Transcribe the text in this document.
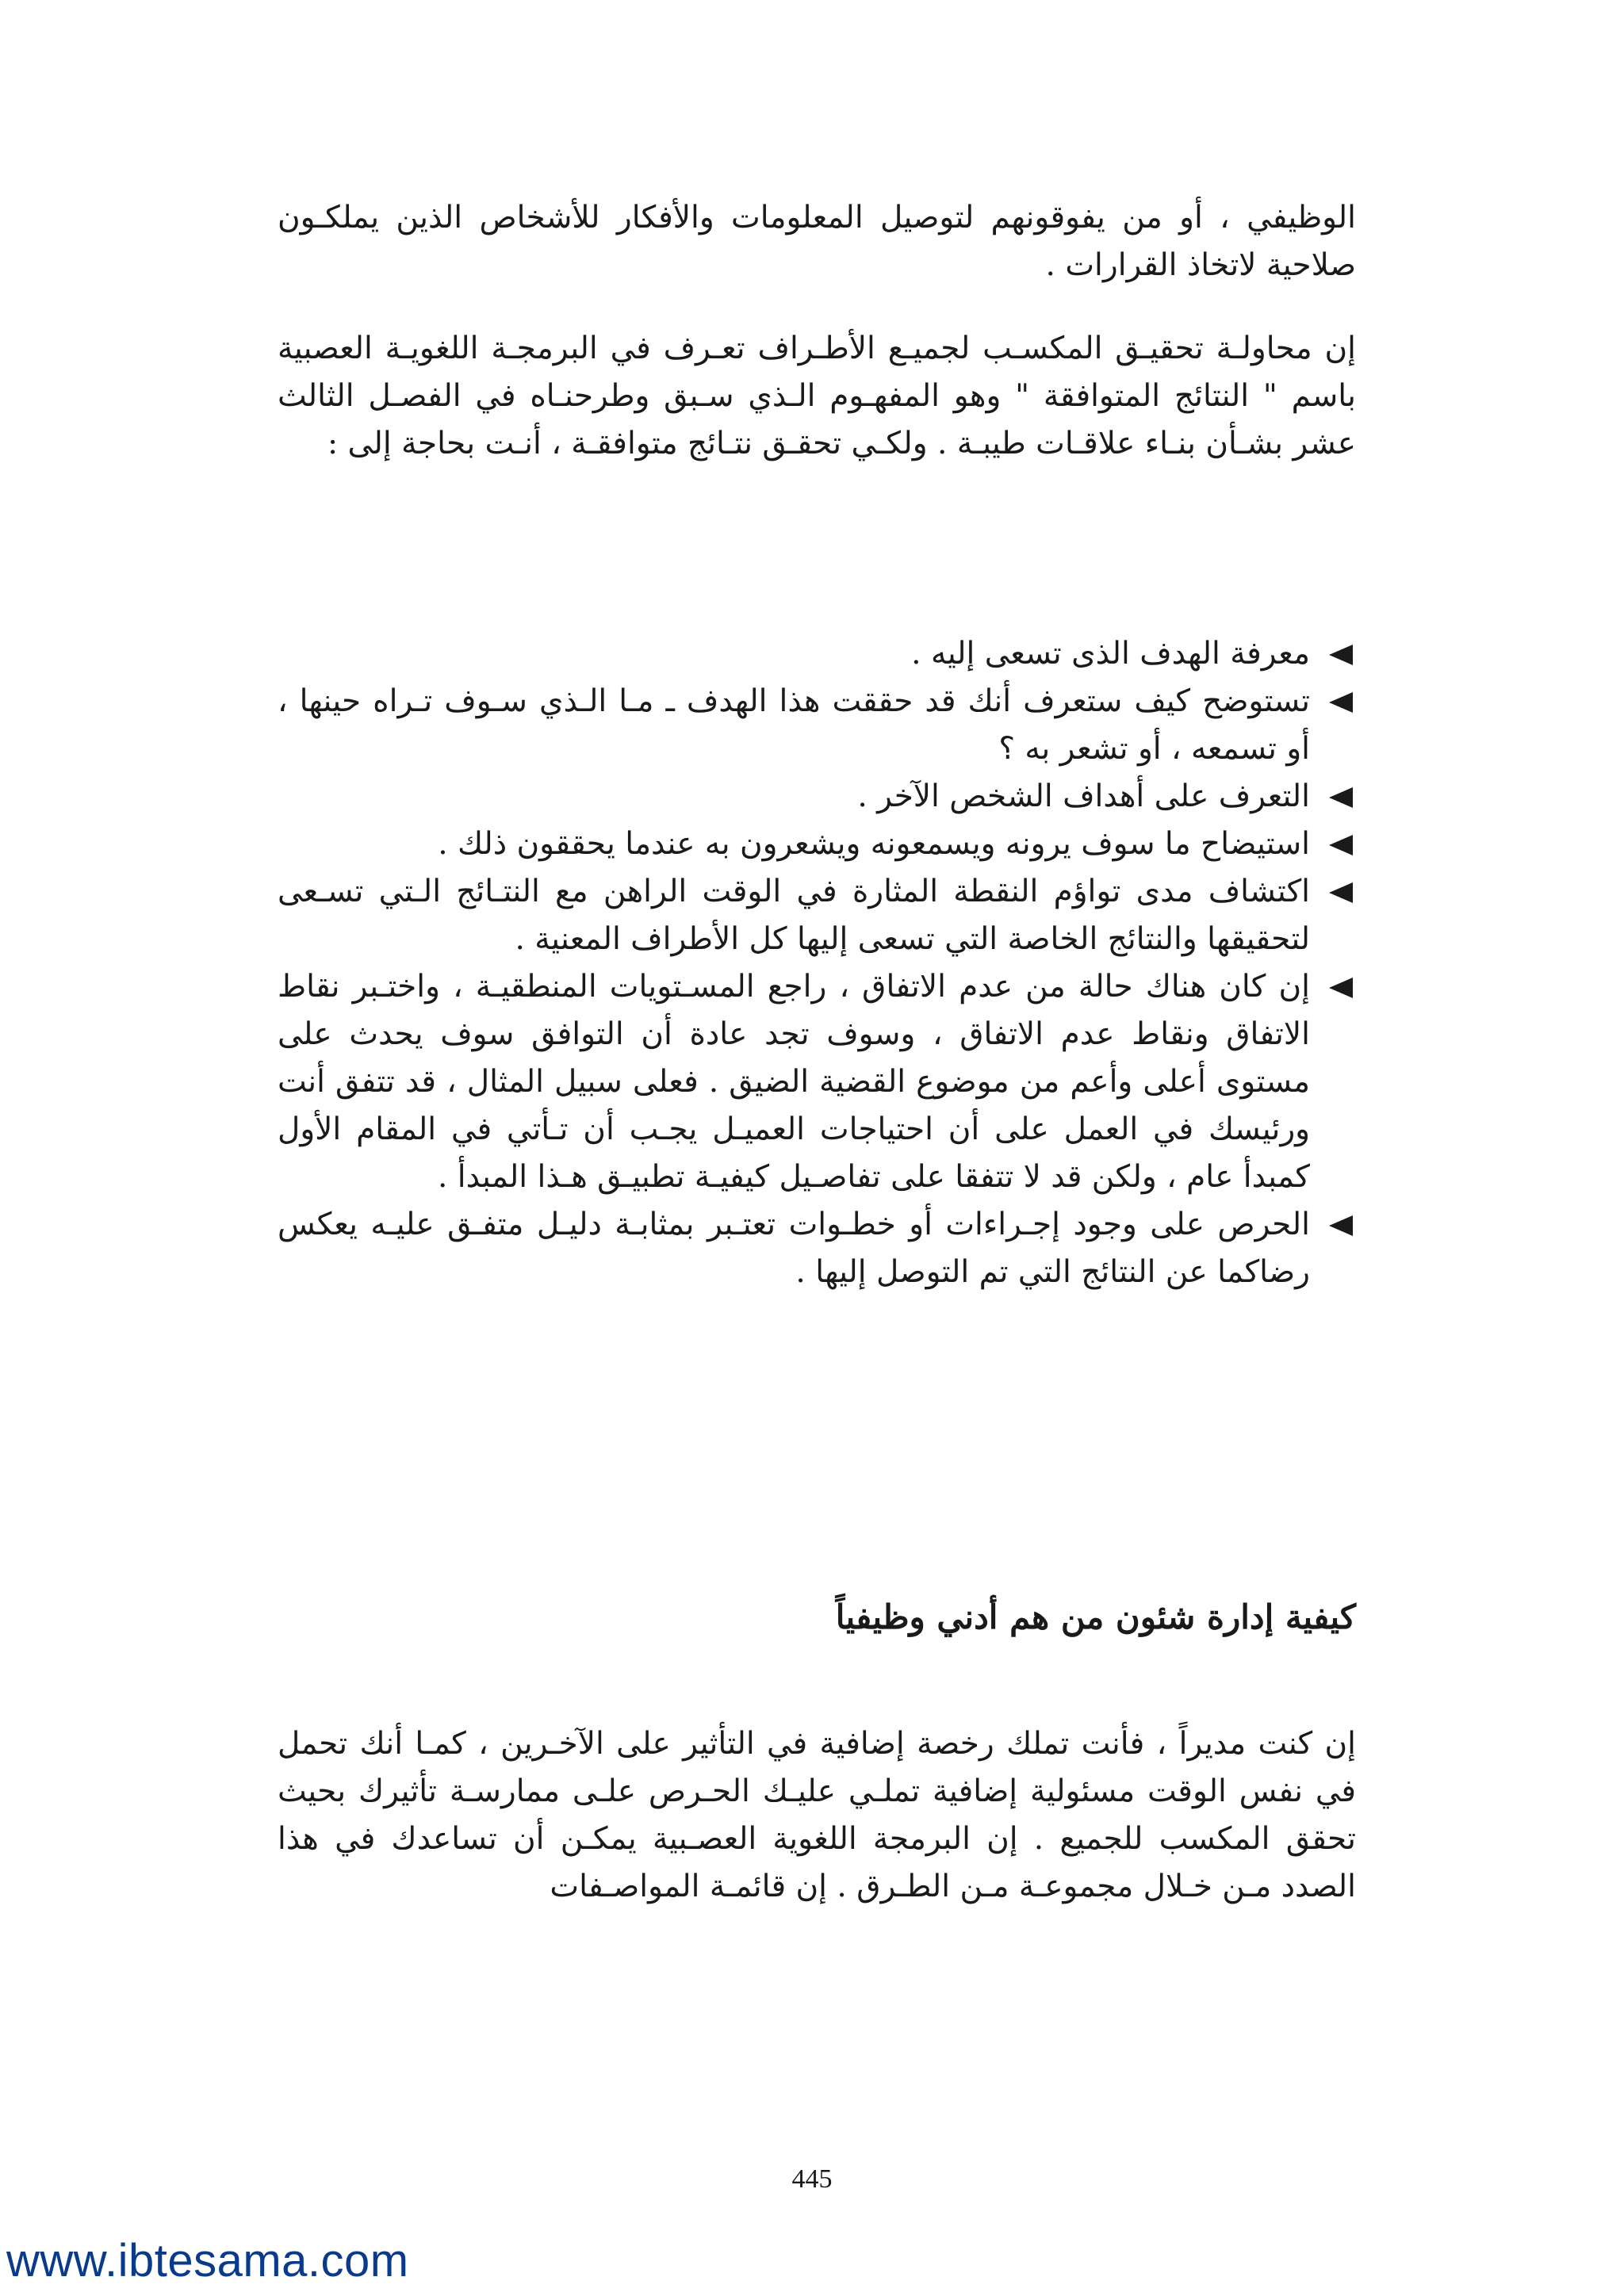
الوظيفي ، أو من يفوقونهم لتوصيل المعلومات والأفكار للأشخاص الذين يملكـون صلاحية لاتخاذ القرارات .

إن محاولـة تحقيـق المكسـب لجميـع الأطـراف تعـرف في البرمجـة اللغويـة العصبية باسم " النتائج المتوافقة " وهو المفهـوم الـذي سـبق وطرحنـاه في الفصـل الثالث عشر بشـأن بنـاء علاقـات طيبـة . ولكـي تحقـق نتـائج متوافقـة ، أنـت بحاجة إلى :

معرفة الهدف الذى تسعى إليه .
تستوضح كيف ستعرف أنك قد حققت هذا الهدف ـ مـا الـذي سـوف تـراه حينها ، أو تسمعه ، أو تشعر به ؟
التعرف على أهداف الشخص الآخر .
استيضاح ما سوف يرونه ويسمعونه ويشعرون به عندما يحققون ذلك .
اكتشاف مدى تواؤم النقطة المثارة في الوقت الراهن مع النتـائج الـتي تسـعى لتحقيقها والنتائج الخاصة التي تسعى إليها كل الأطراف المعنية .
إن كان هناك حالة من عدم الاتفاق ، راجع المسـتويات المنطقيـة ، واختـبر نقاط الاتفاق ونقاط عدم الاتفاق ، وسوف تجد عادة أن التوافق سوف يحدث على مستوى أعلى وأعم من موضوع القضية الضيق . فعلى سبيل المثال ، قد تتفق أنت ورئيسك في العمل على أن احتياجات العميـل يجـب أن تـأتي في المقام الأول كمبدأ عام ، ولكن قد لا تتفقا على تفاصـيل كيفيـة تطبيـق هـذا المبدأ .
الحرص على وجود إجـراءات أو خطـوات تعتـبر بمثابـة دليـل متفـق عليـه يعكس رضاكما عن النتائج التي تم التوصل إليها .
كيفية إدارة شئون من هم أدني وظيفياً

إن كنت مديراً ، فأنت تملك رخصة إضافية في التأثير على الآخـرين ، كمـا أنك تحمل في نفس الوقت مسئولية إضافية تملـي عليـك الحـرص علـى ممارسـة تأثيرك بحيث تحقق المكسب للجميع . إن البرمجة اللغوية العصـبية يمكـن أن تساعدك في هذا الصدد مـن خـلال مجموعـة مـن الطـرق . إن قائمـة المواصـفات

445
www.ibtesama.com
